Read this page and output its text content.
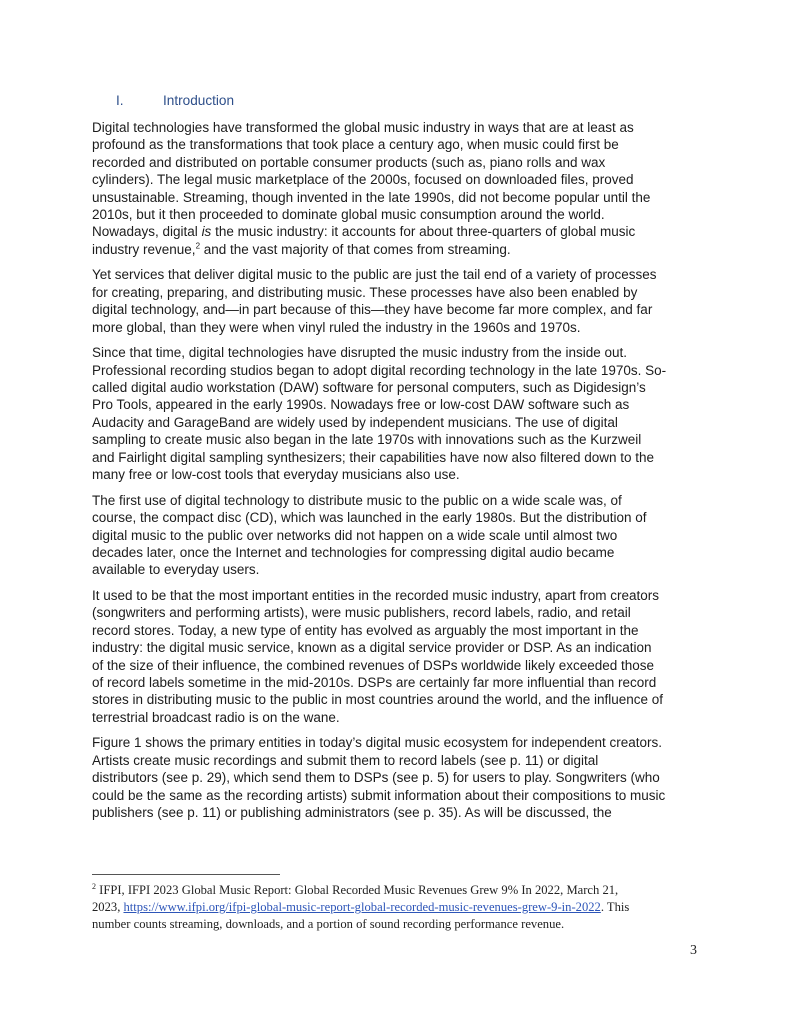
I.	Introduction

Digital technologies have transformed the global music industry in ways that are at least as
profound as the transformations that took place a century ago, when music could first be
recorded and distributed on portable consumer products (such as, piano rolls and wax
cylinders). The legal music marketplace of the 2000s, focused on downloaded files, proved
unsustainable. Streaming, though invented in the late 1990s, did not become popular until the
2010s, but it then proceeded to dominate global music consumption around the world.
Nowadays, digital is the music industry: it accounts for about three-quarters of global music
industry revenue,$^2$ and the vast majority of that comes from streaming.

Yet services that deliver digital music to the public are just the tail end of a variety of processes
for creating, preparing, and distributing music. These processes have also been enabled by
digital technology, and—in part because of this—they have become far more complex, and far
more global, than they were when vinyl ruled the industry in the 1960s and 1970s.

Since that time, digital technologies have disrupted the music industry from the inside out.
Professional recording studios began to adopt digital recording technology in the late 1970s. So-
called digital audio workstation (DAW) software for personal computers, such as Digidesign’s
Pro Tools, appeared in the early 1990s. Nowadays free or low-cost DAW software such as
Audacity and GarageBand are widely used by independent musicians. The use of digital
sampling to create music also began in the late 1970s with innovations such as the Kurzweil
and Fairlight digital sampling synthesizers; their capabilities have now also filtered down to the
many free or low-cost tools that everyday musicians also use.

The first use of digital technology to distribute music to the public on a wide scale was, of
course, the compact disc (CD), which was launched in the early 1980s. But the distribution of
digital music to the public over networks did not happen on a wide scale until almost two
decades later, once the Internet and technologies for compressing digital audio became
available to everyday users.

It used to be that the most important entities in the recorded music industry, apart from creators
(songwriters and performing artists), were music publishers, record labels, radio, and retail
record stores. Today, a new type of entity has evolved as arguably the most important in the
industry: the digital music service, known as a digital service provider or DSP. As an indication
of the size of their influence, the combined revenues of DSPs worldwide likely exceeded those
of record labels sometime in the mid-2010s. DSPs are certainly far more influential than record
stores in distributing music to the public in most countries around the world, and the influence of
terrestrial broadcast radio is on the wane.

Figure 1 shows the primary entities in today’s digital music ecosystem for independent creators.
Artists create music recordings and submit them to record labels (see p. 11) or digital
distributors (see p. 29), which send them to DSPs (see p. 5) for users to play. Songwriters (who
could be the same as the recording artists) submit information about their compositions to music
publishers (see p. 11) or publishing administrators (see p. 35). As will be discussed, the

$^2$ IFPI, IFPI 2023 Global Music Report: Global Recorded Music Revenues Grew 9% In 2022, March 21,
2023, https://www.ifpi.org/ifpi-global-music-report-global-recorded-music-revenues-grew-9-in-2022. This
number counts streaming, downloads, and a portion of sound recording performance revenue.
3
